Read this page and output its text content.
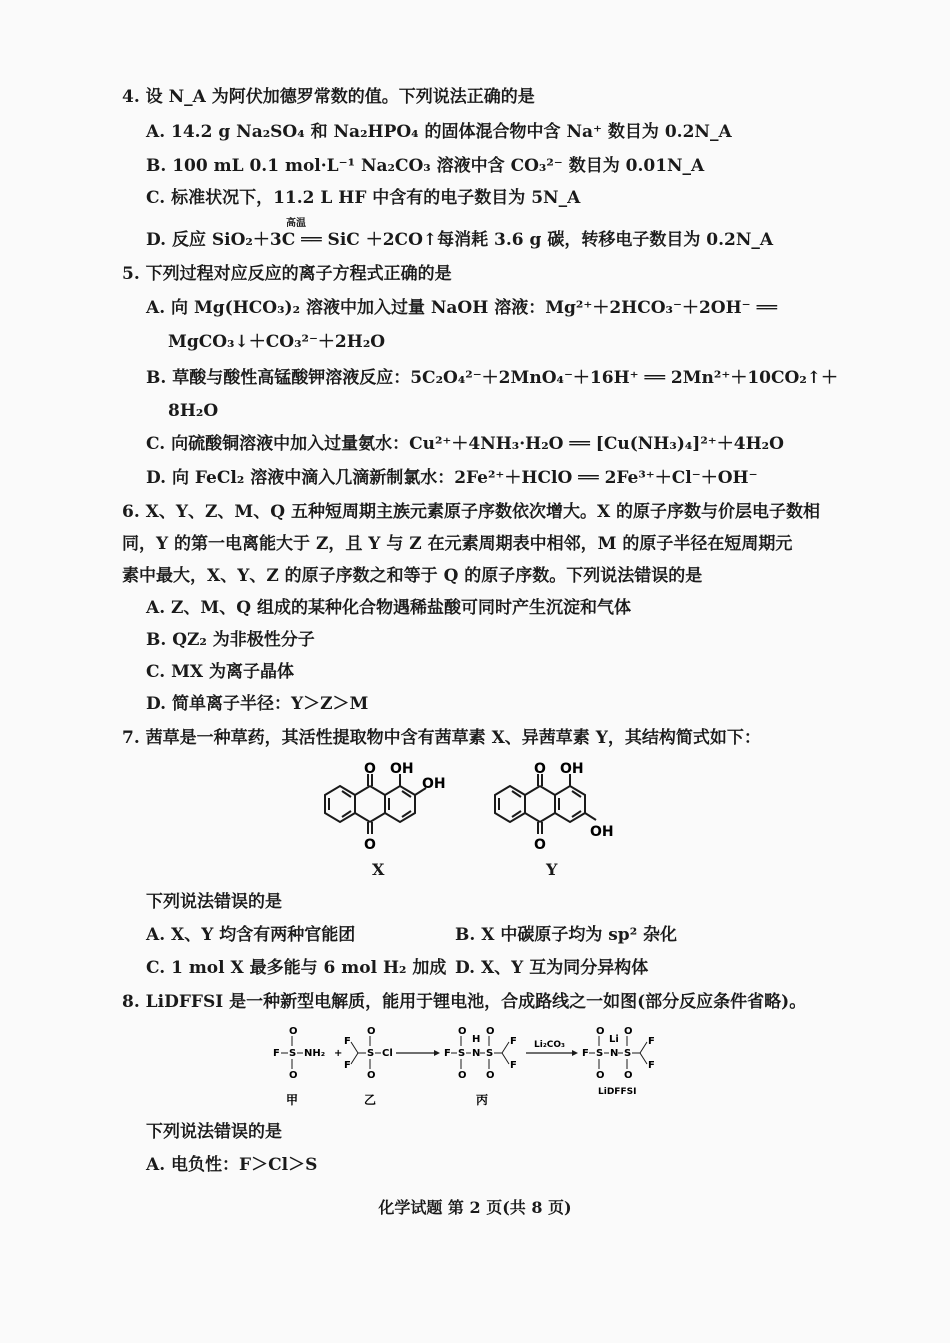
4. 设 N_A 为阿伏加德罗常数的值。下列说法正确的是
A. 14.2 g Na₂SO₄ 和 Na₂HPO₄ 的固体混合物中含 Na⁺ 数目为 0.2N_A
B. 100 mL 0.1 mol·L⁻¹ Na₂CO₃ 溶液中含 CO₃²⁻ 数目为 0.01N_A
C. 标准状况下，11.2 L HF 中含有的电子数目为 5N_A
D. 反应 SiO₂＋3C ══ SiC ＋2CO↑每消耗 3.6 g 碳，转移电子数目为 0.2N_A
高温
5. 下列过程对应反应的离子方程式正确的是
A. 向 Mg(HCO₃)₂ 溶液中加入过量 NaOH 溶液：Mg²⁺＋2HCO₃⁻＋2OH⁻ ══
MgCO₃↓＋CO₃²⁻＋2H₂O
B. 草酸与酸性高锰酸钾溶液反应：5C₂O₄²⁻＋2MnO₄⁻＋16H⁺ ══ 2Mn²⁺＋10CO₂↑＋
8H₂O
C. 向硫酸铜溶液中加入过量氨水：Cu²⁺＋4NH₃·H₂O ══ [Cu(NH₃)₄]²⁺＋4H₂O
D. 向 FeCl₂ 溶液中滴入几滴新制氯水：2Fe²⁺＋HClO ══ 2Fe³⁺＋Cl⁻＋OH⁻
6. X、Y、Z、M、Q 五种短周期主族元素原子序数依次增大。X 的原子序数与价层电子数相
同，Y 的第一电离能大于 Z，且 Y 与 Z 在元素周期表中相邻，M 的原子半径在短周期元
素中最大，X、Y、Z 的原子序数之和等于 Q 的原子序数。下列说法错误的是
A. Z、M、Q 组成的某种化合物遇稀盐酸可同时产生沉淀和气体
B. QZ₂ 为非极性分子
C. MX 为离子晶体
D. 简单离子半径：Y＞Z＞M
7. 茜草是一种草药，其活性提取物中含有茜草素 X、异茜草素 Y，其结构简式如下：
O OH
OH
O
X
O OH
OH
O
Y
下列说法错误的是
A. X、Y 均含有两种官能团	B. X 中碳原子均为 sp² 杂化
C. 1 mol X 最多能与 6 mol H₂ 加成 D. X、Y 互为同分异构体
8. LiDFFSI 是一种新型电解质，能用于锂电池，合成路线之一如图(部分反应条件省略)。
F S
O
O
NH₂ +
F
F
S
O
O
Cl	F S
O
O
N
H
S
O
O
F
F
Li₂CO₃
F S
O
O
N
Li
S
O
O
F
F
甲	乙	丙
LiDFFSI
下列说法错误的是
A. 电负性：F＞Cl＞S
化学试题 第 2 页(共 8 页)
